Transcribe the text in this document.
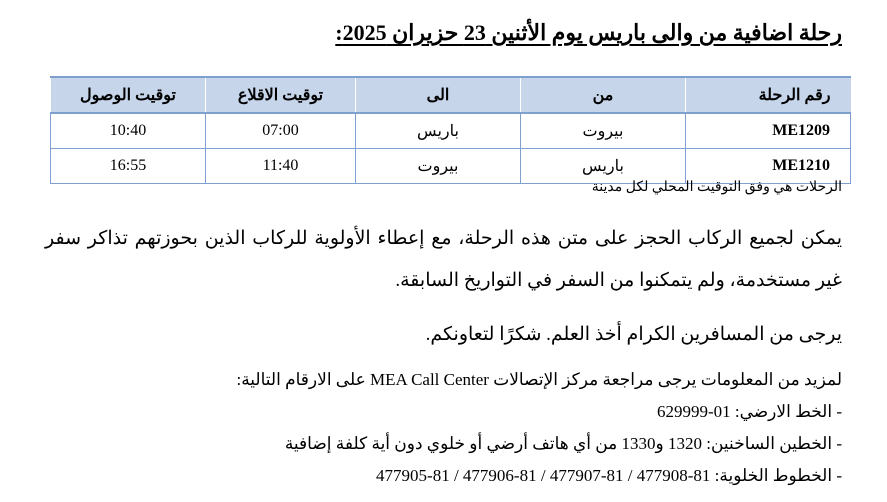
رحلة اضافية من والى باريس يوم الأثنين 23 حزيران 2025:
رقم الرحلة	من	الى	توقيت الاقلاع	توقيت الوصول
ME1209	بيروت	باريس	07:00	10:40
ME1210	باريس	بيروت	11:40	16:55
الرحلات هي وفق التوقيت المحلي لكل مدينة
يمكن لجميع الركاب الحجز على متن هذه الرحلة، مع إعطاء الأولوية للركاب الذين بحوزتهم تذاكر سفر غير مستخدمة، ولم يتمكنوا من السفر في التواريخ السابقة.
يرجى من المسافرين الكرام أخذ العلم. شكرًا لتعاونكم.
لمزيد من المعلومات يرجى مراجعة مركز الإتصالات MEA Call Center على الارقام التالية:
- الخط الارضي: 01-629999
- الخطين الساخنين: 1320 و1330 من أي هاتف أرضي أو خلوي دون أية كلفة إضافية
- الخطوط الخلوية: 81-477908 / 81-477907 / 81-477906 / 81-477905
